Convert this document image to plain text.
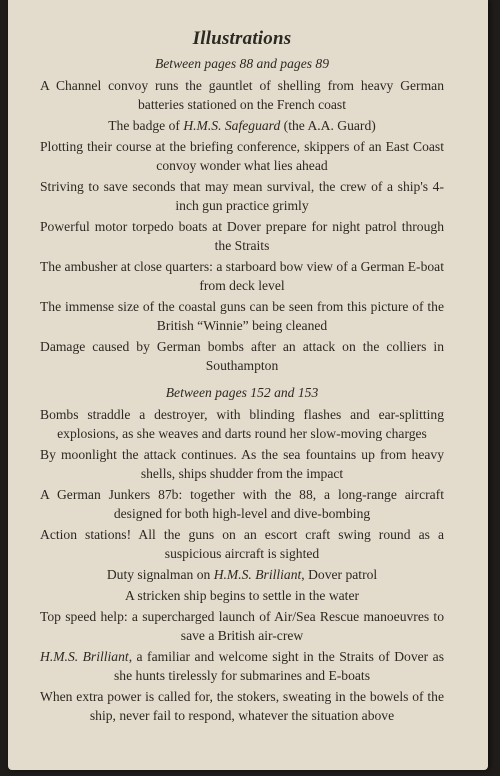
Illustrations
Between pages 88 and pages 89
A Channel convoy runs the gauntlet of shelling from heavy German batteries stationed on the French coast
The badge of H.M.S. Safeguard (the A.A. Guard)
Plotting their course at the briefing conference, skippers of an East Coast convoy wonder what lies ahead
Striving to save seconds that may mean survival, the crew of a ship's 4-inch gun practice grimly
Powerful motor torpedo boats at Dover prepare for night patrol through the Straits
The ambusher at close quarters: a starboard bow view of a German E-boat from deck level
The immense size of the coastal guns can be seen from this picture of the British “Winnie” being cleaned
Damage caused by German bombs after an attack on the colliers in Southampton
Between pages 152 and 153
Bombs straddle a destroyer, with blinding flashes and ear-splitting explosions, as she weaves and darts round her slow-moving charges
By moonlight the attack continues. As the sea fountains up from heavy shells, ships shudder from the impact
A German Junkers 87b: together with the 88, a long-range aircraft designed for both high-level and dive-bombing
Action stations! All the guns on an escort craft swing round as a suspicious aircraft is sighted
Duty signalman on H.M.S. Brilliant, Dover patrol
A stricken ship begins to settle in the water
Top speed help: a supercharged launch of Air/Sea Rescue manoeuvres to save a British air-crew
H.M.S. Brilliant, a familiar and welcome sight in the Straits of Dover as she hunts tirelessly for submarines and E-boats
When extra power is called for, the stokers, sweating in the bowels of the ship, never fail to respond, whatever the situation above
